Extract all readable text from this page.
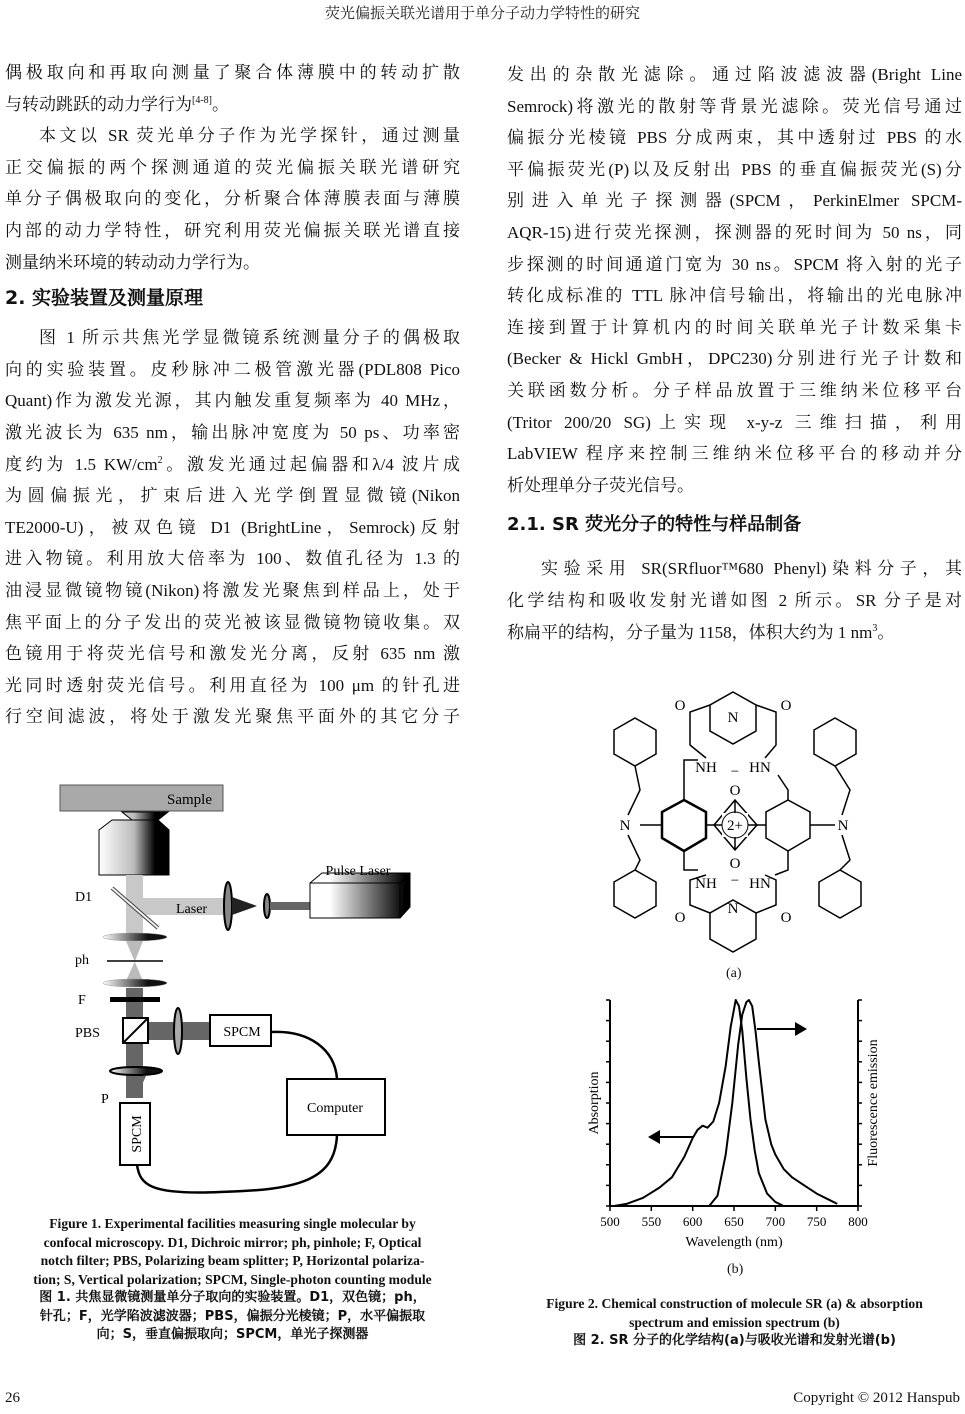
荧光偏振关联光谱用于单分子动力学特性的研究
偶极取向和再取向测量了聚合体薄膜中的转动扩散
与转动跳跃的动力学行为[4-8]。
本文以 SR 荧光单分子作为光学探针，通过测量
正交偏振的两个探测通道的荧光偏振关联光谱研究
单分子偶极取向的变化，分析聚合体薄膜表面与薄膜
内部的动力学特性，研究利用荧光偏振关联光谱直接
测量纳米环境的转动动力学行为。
2. 实验装置及测量原理
图 1 所示共焦光学显微镜系统测量分子的偶极取
向的实验装置。皮秒脉冲二极管激光器(PDL808 Pico
Quant)作为激发光源，其内触发重复频率为 40 MHz，
激光波长为 635 nm，输出脉冲宽度为 50 ps、功率密
度约为 1.5 $KW/cm^2$。激发光通过起偏器和λ/4 波片成
为圆偏振光，扩束后进入光学倒置显微镜(Nikon
TE2000-U)，被双色镜 D1 (BrightLine，Semrock)反射
进入物镜。利用放大倍率为 100、数值孔径为 1.3 的
油浸显微镜物镜(Nikon)将激发光聚焦到样品上，处于
焦平面上的分子发出的荧光被该显微镜物镜收集。双
色镜用于将荧光信号和激发光分离，反射 635 nm 激
光同时透射荧光信号。利用直径为 100 μm 的针孔进
行空间滤波，将处于激发光聚焦平面外的其它分子
发出的杂散光滤除。通过陷波滤波器(Bright Line
Semrock)将激光的散射等背景光滤除。荧光信号通过
偏振分光棱镜 PBS 分成两束，其中透射过 PBS 的水
平偏振荧光(P)以及反射出 PBS 的垂直偏振荧光(S)分
别进入单光子探测器(SPCM，PerkinElmer SPCM-
AQR-15)进行荧光探测，探测器的死时间为 50 ns，同
步探测的时间通道门宽为 30 ns。SPCM 将入射的光子
转化成标准的 TTL 脉冲信号输出，将输出的光电脉冲
连接到置于计算机内的时间关联单光子计数采集卡
(Becker & Hickl GmbH，DPC230)分别进行光子计数和
关联函数分析。分子样品放置于三维纳米位移平台
(Tritor 200/20 SG)上实现 x-y-z 三维扫描，利用
LabVIEW 程序来控制三维纳米位移平台的移动并分
析处理单分子荧光信号。
2.1. SR 荧光分子的特性与样品制备
实验采用 SR(SRfluor™680 Phenyl)染料分子，其
化学结构和吸收发射光谱如图 2 所示。SR 分子是对
称扁平的结构，分子量为 1158，体积大约为 1 $nm^3$。
Sample
D1
Laser
Pulse Laser
ph
F
PBS	SPCM
P
SPCM
Computer
Figure 1. Experimental facilities measuring single molecular by
confocal microscopy. D1, Dichroic mirror; ph, pinhole; F, Optical
notch filter; PBS, Polarizing beam splitter; P, Horizontal polariza-
tion; S, Vertical polarization; SPCM, Single-photon counting module
图 1. 共焦显微镜测量单分子取向的实验装置。D1，双色镜；ph，
针孔；F，光学陷波滤波器；PBS，偏振分光棱镜；P，水平偏振取
向；S，垂直偏振取向；SPCM，单光子探测器
2+
O
−
O
−
N
N
O	O
O	O
NH HN
NH HN
N	N
(a)
500 550 600 650 700 750 800
Wavelength (nm)
Absorption	Fluorescence emission
(b)
Figure 2. Chemical construction of molecule SR (a) & absorption
spectrum and emission spectrum (b)
图 2. SR 分子的化学结构(a)与吸收光谱和发射光谱(b)
26	Copyright © 2012 Hanspub
